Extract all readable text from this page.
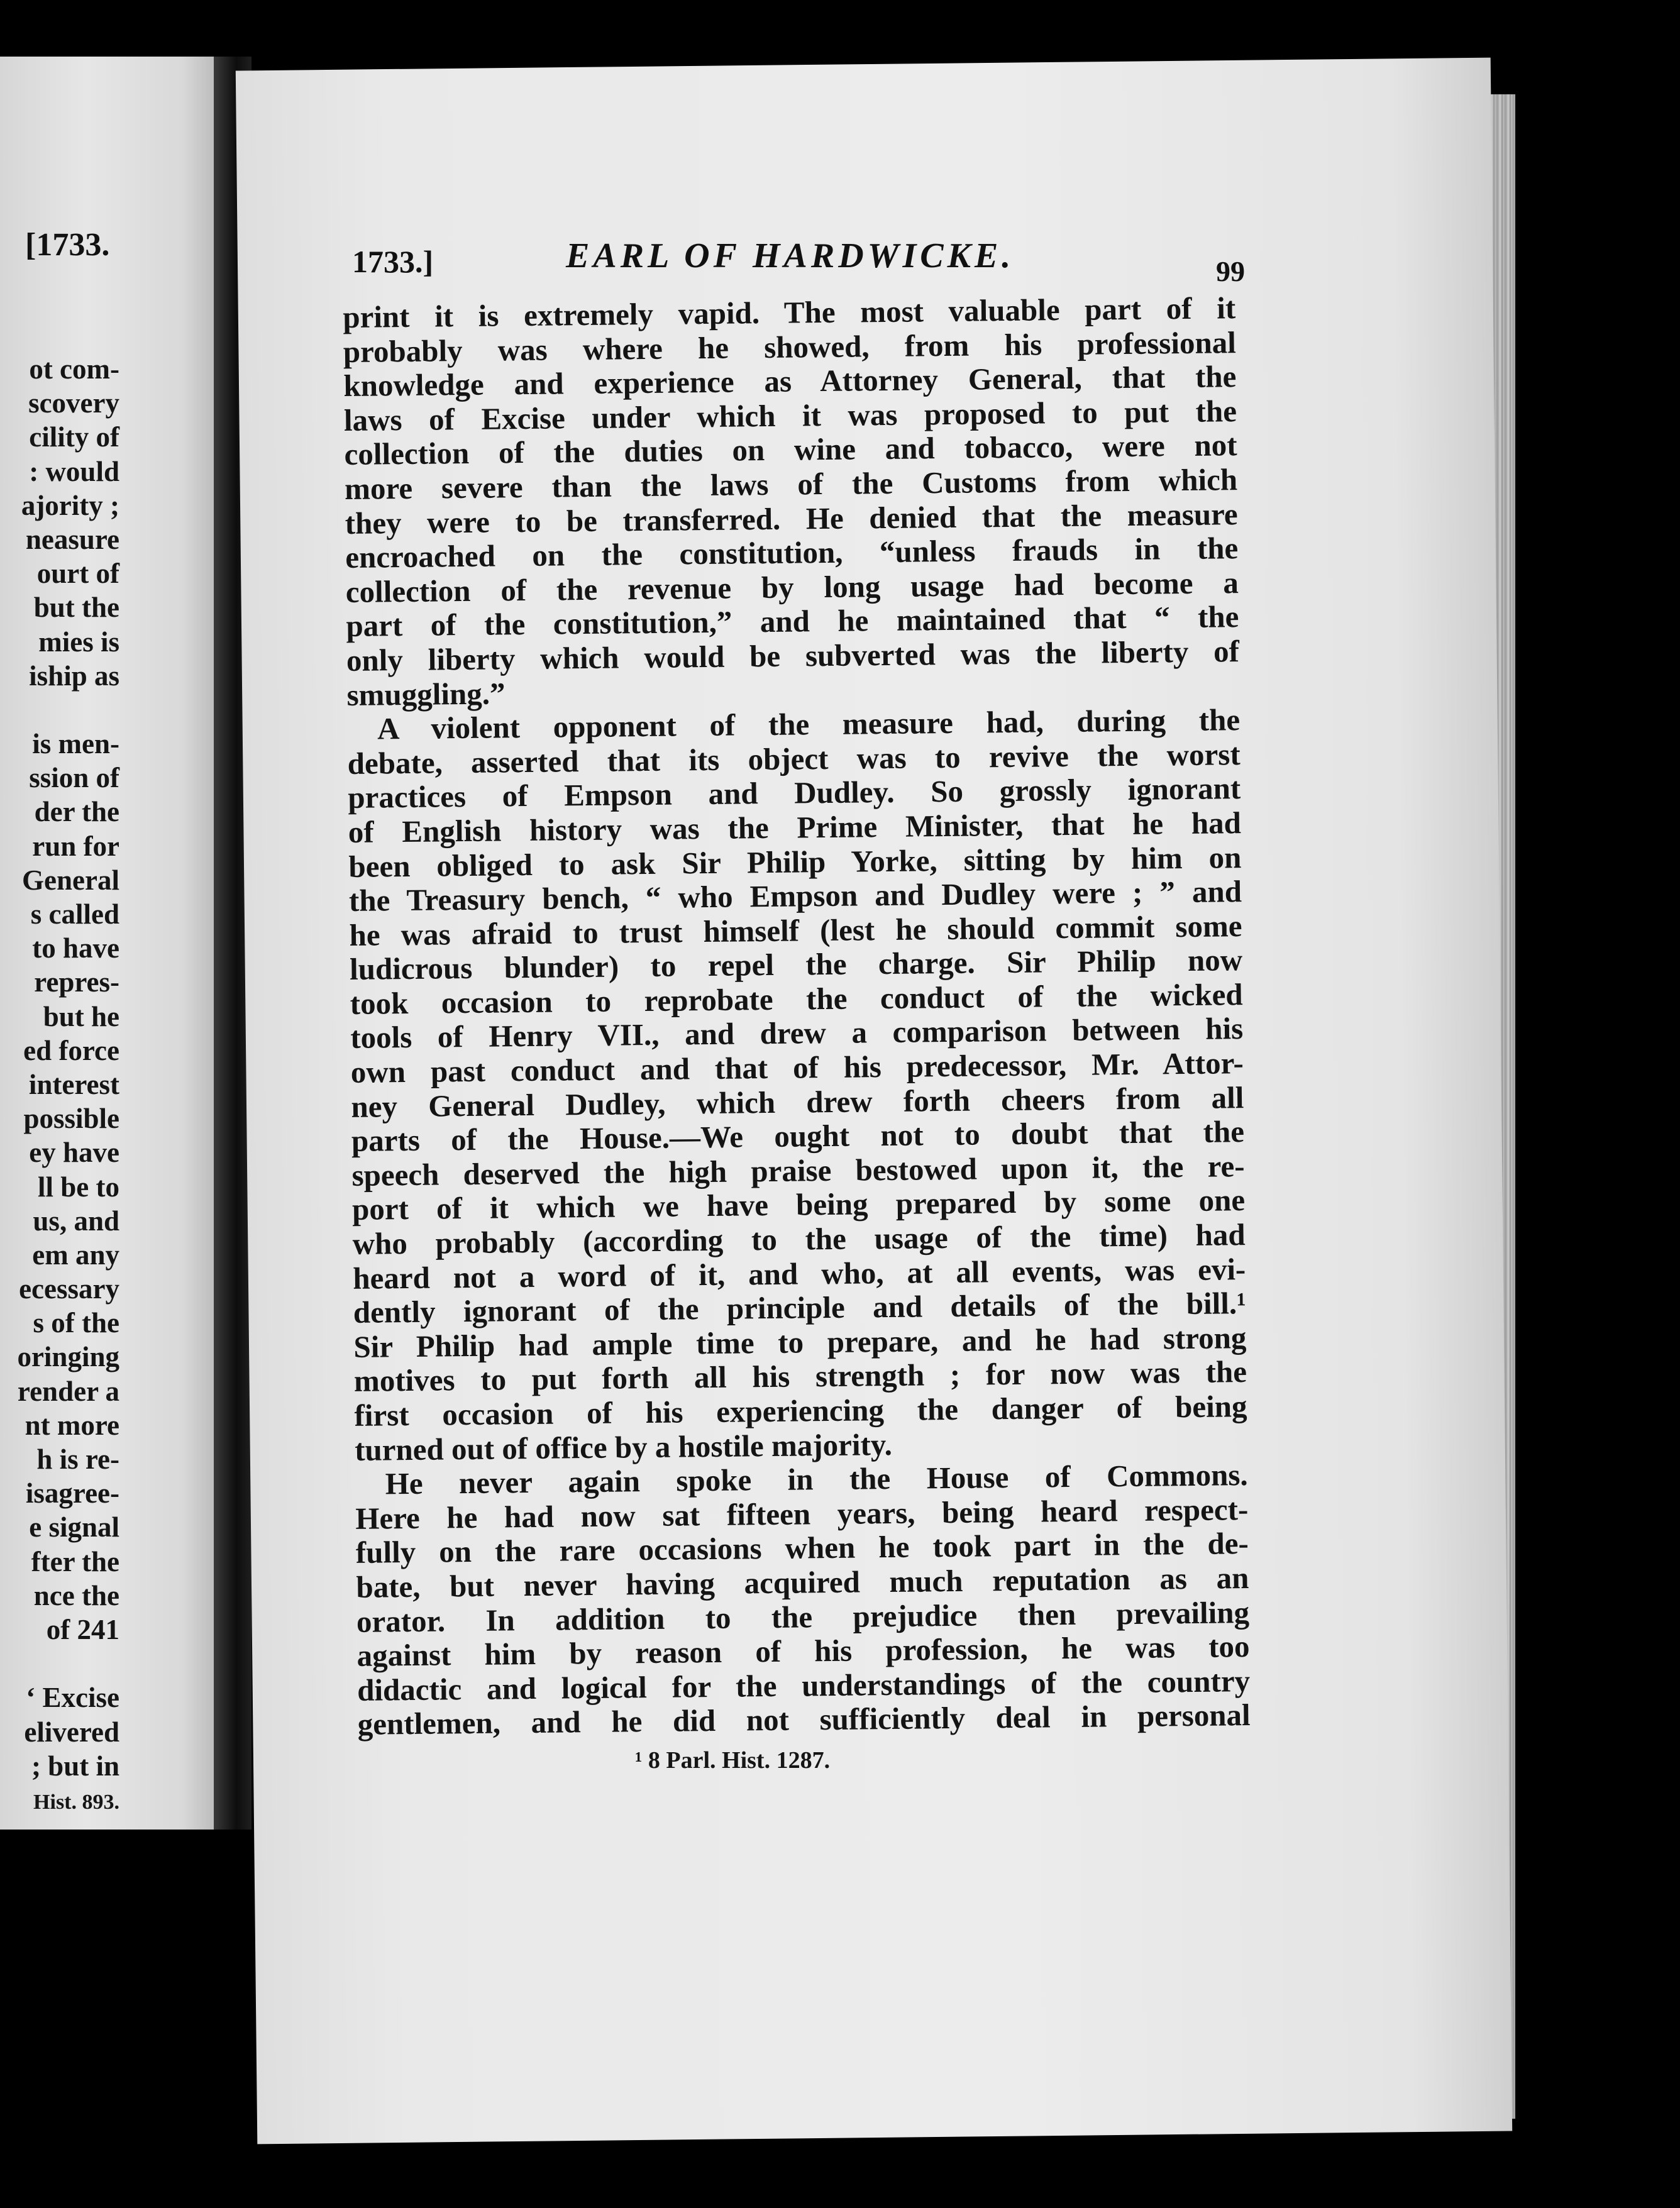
[1733.
ot com-
scovery
cility of
: would
ajority ;
neasure
ourt of
but the
mies is
iship as
is men-
ssion of
der the
run for
General
s called
to have
repres-
but he
ed force
interest
possible
ey have
ll be to
us, and
em any
ecessary
s of the
oringing
render a
nt more
h is re-
isagree-
e signal
fter the
nce the
of 241
‘ Excise
elivered
; but in
Hist. 893.
1733.]	EARL OF HARDWICKE.	99
print it is extremely vapid. The most valuable part of it
probably was where he showed, from his professional
knowledge and experience as Attorney General, that the
laws of Excise under which it was proposed to put the
collection of the duties on wine and tobacco, were not
more severe than the laws of the Customs from which
they were to be transferred. He denied that the measure
encroached on the constitution, “unless frauds in the
collection of the revenue by long usage had become a
part of the constitution,” and he maintained that “ the
only liberty which would be subverted was the liberty of
smuggling.”
A violent opponent of the measure had, during the
debate, asserted that its object was to revive the worst
practices of Empson and Dudley. So grossly ignorant
of English history was the Prime Minister, that he had
been obliged to ask Sir Philip Yorke, sitting by him on
the Treasury bench, “ who Empson and Dudley were ; ” and
he was afraid to trust himself (lest he should commit some
ludicrous blunder) to repel the charge. Sir Philip now
took occasion to reprobate the conduct of the wicked
tools of Henry VII., and drew a comparison between his
own past conduct and that of his predecessor, Mr. Attor-
ney General Dudley, which drew forth cheers from all
parts of the House.—We ought not to doubt that the
speech deserved the high praise bestowed upon it, the re-
port of it which we have being prepared by some one
who probably (according to the usage of the time) had
heard not a word of it, and who, at all events, was evi-
dently ignorant of the principle and details of the bill.¹
Sir Philip had ample time to prepare, and he had strong
motives to put forth all his strength ; for now was the
first occasion of his experiencing the danger of being
turned out of office by a hostile majority.
He never again spoke in the House of Commons.
Here he had now sat fifteen years, being heard respect-
fully on the rare occasions when he took part in the de-
bate, but never having acquired much reputation as an
orator. In addition to the prejudice then prevailing
against him by reason of his profession, he was too
didactic and logical for the understandings of the country
gentlemen, and he did not sufficiently deal in personal
¹ 8 Parl. Hist. 1287.
